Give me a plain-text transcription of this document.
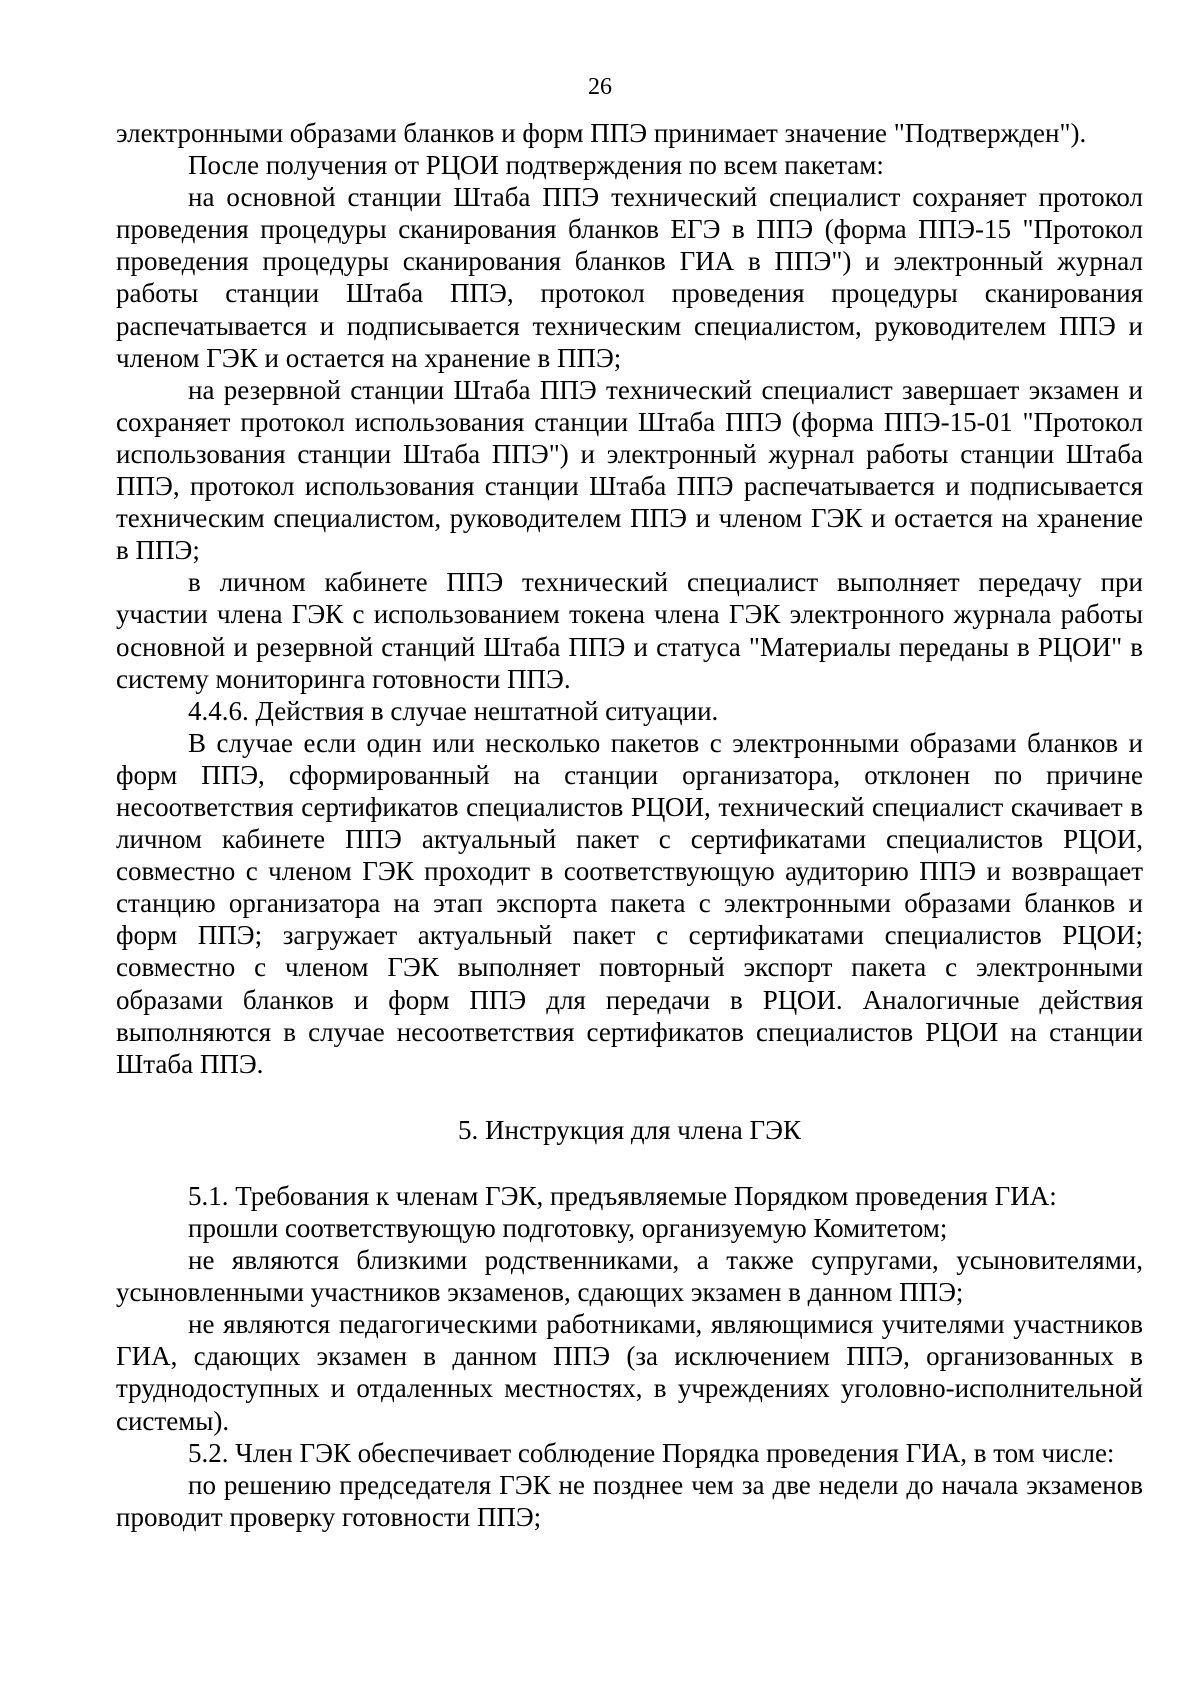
26

электронными образами бланков и форм ППЭ принимает значение "Подтвержден").

После получения от РЦОИ подтверждения по всем пакетам:

на основной станции Штаба ППЭ технический специалист сохраняет протокол проведения процедуры сканирования бланков ЕГЭ в ППЭ (форма ППЭ-15 "Протокол проведения процедуры сканирования бланков ГИА в ППЭ") и электронный журнал работы станции Штаба ППЭ, протокол проведения процедуры сканирования распечатывается и подписывается техническим специалистом, руководителем ППЭ и членом ГЭК и остается на хранение в ППЭ;

на резервной станции Штаба ППЭ технический специалист завершает экзамен и сохраняет протокол использования станции Штаба ППЭ (форма ППЭ-15-01 "Протокол использования станции Штаба ППЭ") и электронный журнал работы станции Штаба ППЭ, протокол использования станции Штаба ППЭ распечатывается и подписывается техническим специалистом, руководителем ППЭ и членом ГЭК и остается на хранение в ППЭ;

в личном кабинете ППЭ технический специалист выполняет передачу при участии члена ГЭК с использованием токена члена ГЭК электронного журнала работы основной и резервной станций Штаба ППЭ и статуса "Материалы переданы в РЦОИ" в систему мониторинга готовности ППЭ.

4.4.6. Действия в случае нештатной ситуации.

В случае если один или несколько пакетов с электронными образами бланков и форм ППЭ, сформированный на станции организатора, отклонен по причине несоответствия сертификатов специалистов РЦОИ, технический специалист скачивает в личном кабинете ППЭ актуальный пакет с сертификатами специалистов РЦОИ, совместно с членом ГЭК проходит в соответствующую аудиторию ППЭ и возвращает станцию организатора на этап экспорта пакета с электронными образами бланков и форм ППЭ; загружает актуальный пакет с сертификатами специалистов РЦОИ; совместно с членом ГЭК выполняет повторный экспорт пакета с электронными образами бланков и форм ППЭ для передачи в РЦОИ. Аналогичные действия выполняются в случае несоответствия сертификатов специалистов РЦОИ на станции Штаба ППЭ.

5. Инструкция для члена ГЭК

5.1. Требования к членам ГЭК, предъявляемые Порядком проведения ГИА:

прошли соответствующую подготовку, организуемую Комитетом;

не являются близкими родственниками, а также супругами, усыновителями, усыновленными участников экзаменов, сдающих экзамен в данном ППЭ;

не являются педагогическими работниками, являющимися учителями участников ГИА, сдающих экзамен в данном ППЭ (за исключением ППЭ, организованных в труднодоступных и отдаленных местностях, в учреждениях уголовно-исполнительной системы).

5.2. Член ГЭК обеспечивает соблюдение Порядка проведения ГИА, в том числе:

по решению председателя ГЭК не позднее чем за две недели до начала экзаменов проводит проверку готовности ППЭ;
